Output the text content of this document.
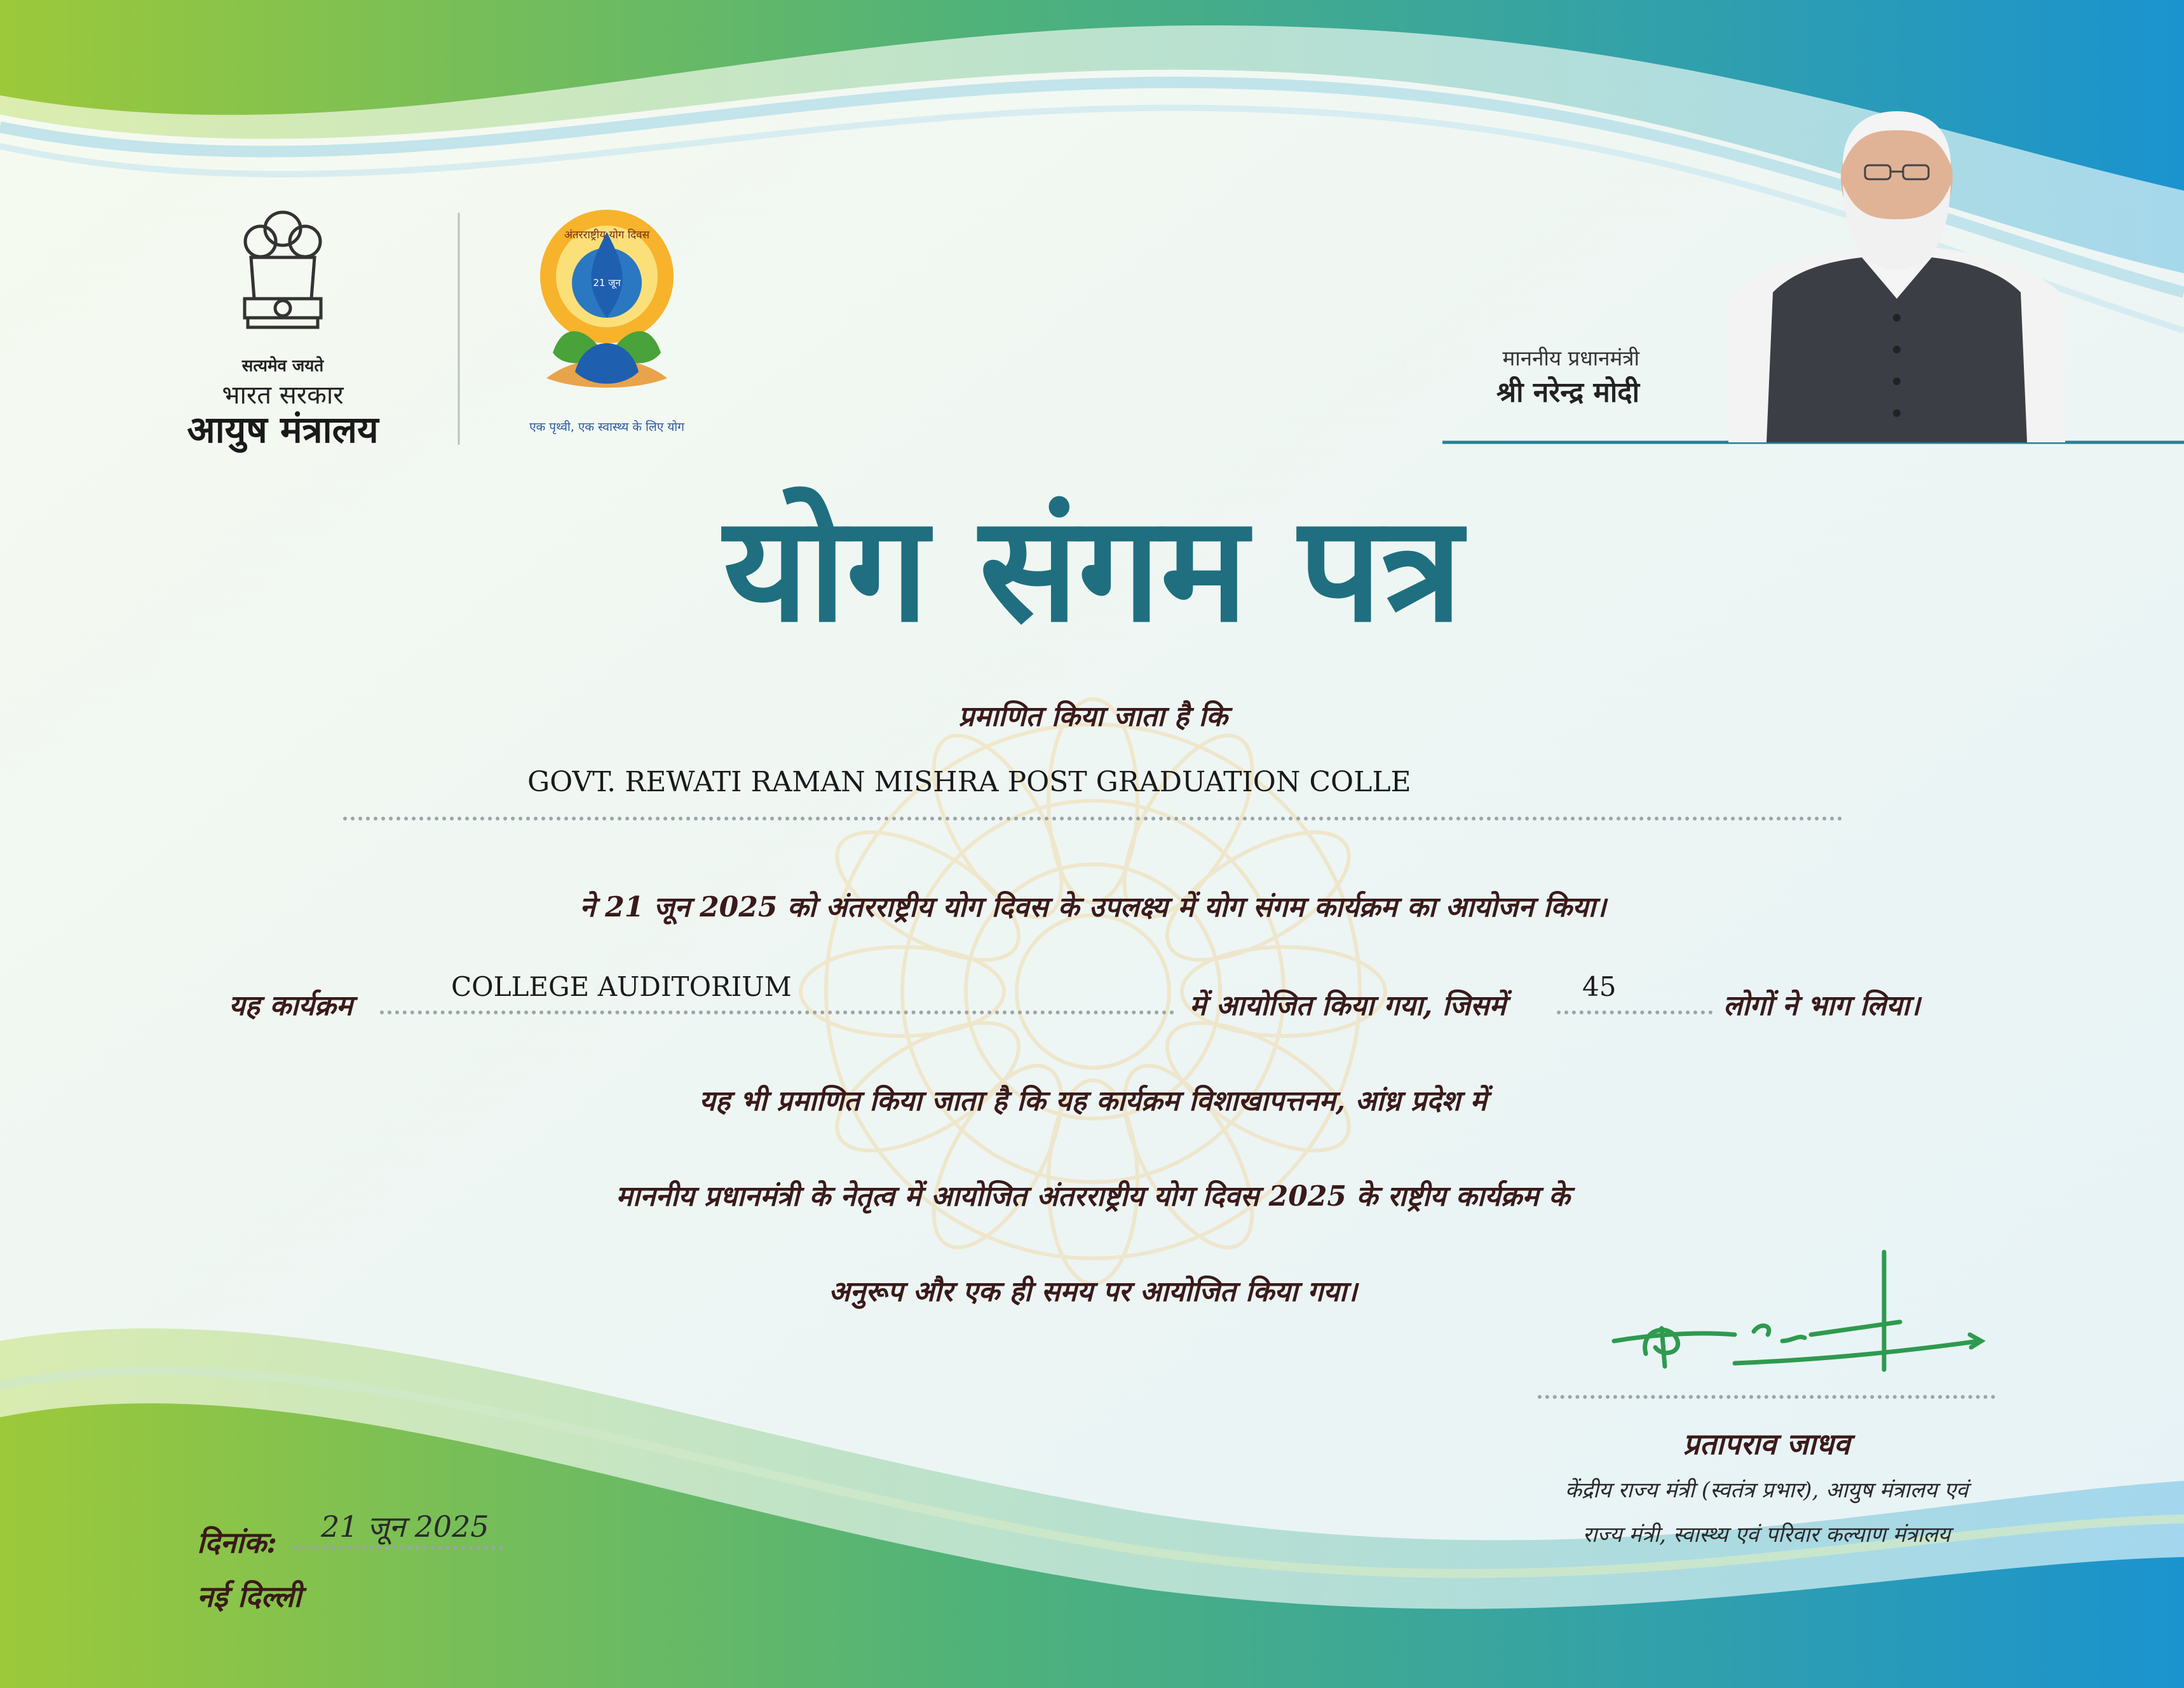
सत्यमेव जयते
भारत सरकार
आयुष मंत्रालय
अंतरराष्ट्रीय योग दिवस
21 जून
एक पृथ्वी, एक स्वास्थ्य के लिए योग
माननीय प्रधानमंत्री
श्री नरेन्द्र मोदी
योग संगम पत्र
प्रमाणित किया जाता है कि
GOVT. REWATI RAMAN MISHRA POST GRADUATION COLLE
ने 21 जून 2025 को अंतरराष्ट्रीय योग दिवस के उपलक्ष्य में योग संगम कार्यक्रम का आयोजन किया।
यह कार्यक्रम
COLLEGE AUDITORIUM
में आयोजित किया गया, जिसमें
45
लोगों ने भाग लिया।
यह भी प्रमाणित किया जाता है कि यह कार्यक्रम विशाखापत्तनम, आंध्र प्रदेश में
माननीय प्रधानमंत्री के नेतृत्व में आयोजित अंतरराष्ट्रीय योग दिवस 2025 के राष्ट्रीय कार्यक्रम के
अनुरूप और एक ही समय पर आयोजित किया गया।
प्रतापराव जाधव
केंद्रीय राज्य मंत्री (स्वतंत्र प्रभार), आयुष मंत्रालय एवं
राज्य मंत्री, स्वास्थ्य एवं परिवार कल्याण मंत्रालय
दिनांक: 21 जून 2025
नई दिल्ली
